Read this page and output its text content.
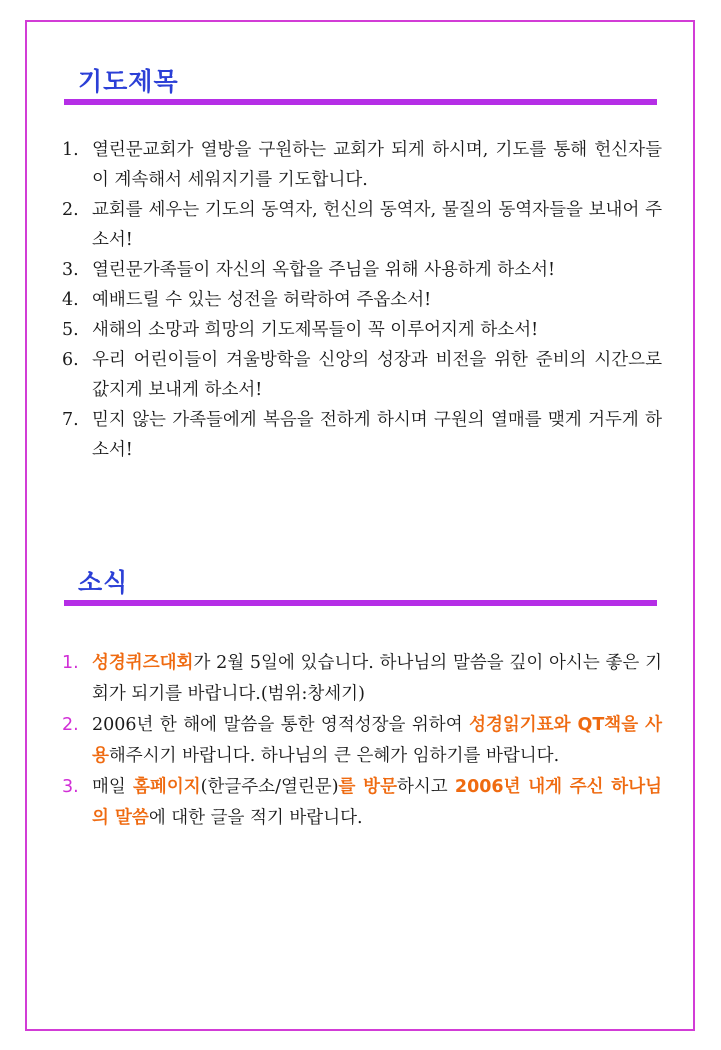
기도제목
1. 열린문교회가 열방을 구원하는 교회가 되게 하시며, 기도를 통해 헌신자들이 계속해서 세워지기를 기도합니다.
2. 교회를 세우는 기도의 동역자, 헌신의 동역자, 물질의 동역자들을 보내어 주소서!
3. 열린문가족들이 자신의 옥합을 주님을 위해 사용하게 하소서!
4. 예배드릴 수 있는 성전을 허락하여 주옵소서!
5. 새해의 소망과 희망의 기도제목들이 꼭 이루어지게 하소서!
6. 우리 어린이들이 겨울방학을 신앙의 성장과 비전을 위한 준비의 시간으로 값지게 보내게 하소서!
7. 믿지 않는 가족들에게 복음을 전하게 하시며 구원의 열매를 맺게 거두게 하소서!
소식
1. 성경퀴즈대회가 2월 5일에 있습니다. 하나님의 말씀을 깊이 아시는 좋은 기회가 되기를 바랍니다.(범위:창세기)
2. 2006년 한 해에 말씀을 통한 영적성장을 위하여 성경읽기표와 QT책을 사용해주시기 바랍니다. 하나님의 큰 은혜가 임하기를 바랍니다.
3. 매일 홈페이지(한글주소/열린문)를 방문하시고 2006년 내게 주신 하나님의 말씀에 대한 글을 적기 바랍니다.
